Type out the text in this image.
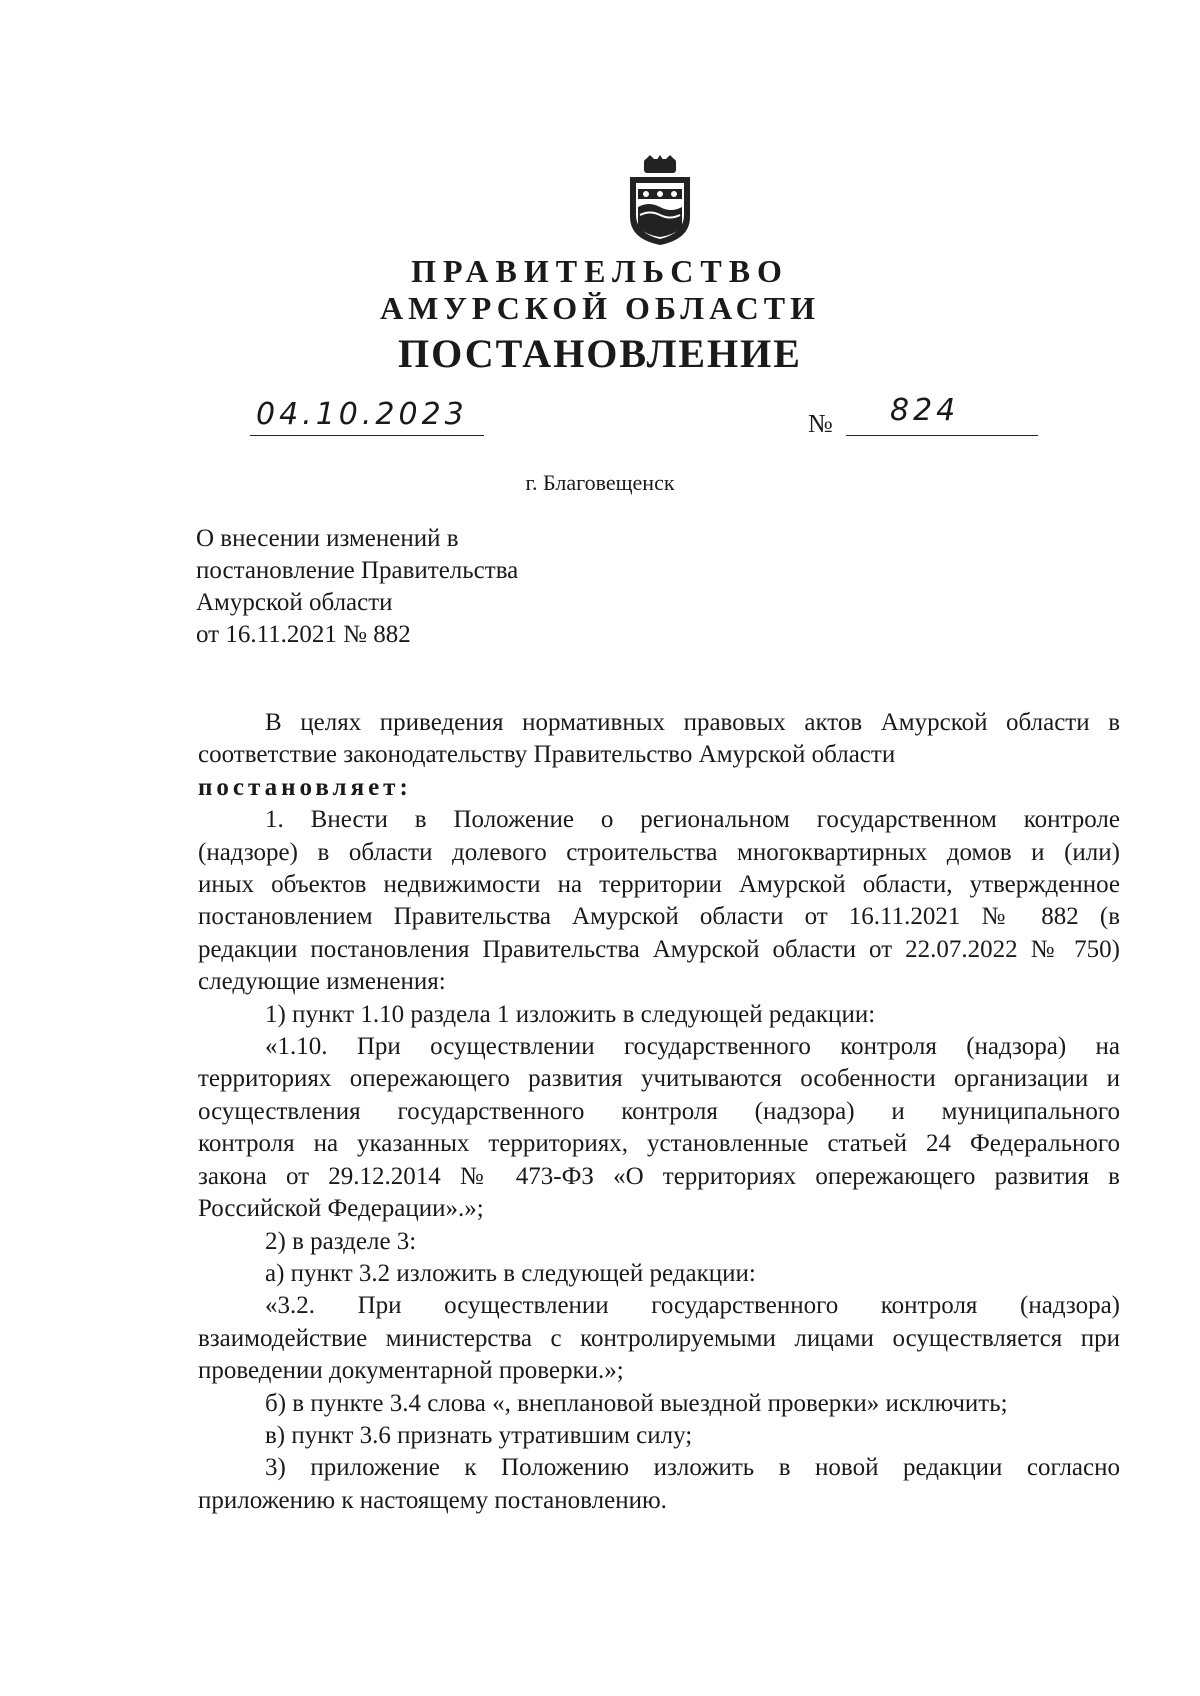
ПРАВИТЕЛЬСТВО
АМУРСКОЙ ОБЛАСТИ
ПОСТАНОВЛЕНИЕ
04.10.2023	№ 824
г. Благовещенск
О внесении изменений в
постановление Правительства
Амурской области
от 16.11.2021 № 882
В целях приведения нормативных правовых актов Амурской области в
соответствие законодательству Правительство Амурской области
постановляет:
1. Внести в Положение о региональном государственном контроле
(надзоре) в области долевого строительства многоквартирных домов и (или)
иных объектов недвижимости на территории Амурской области, утвержденное
постановлением Правительства Амурской области от 16.11.2021 № 882 (в
редакции постановления Правительства Амурской области от 22.07.2022 № 750)
следующие изменения:
1) пункт 1.10 раздела 1 изложить в следующей редакции:
«1.10. При осуществлении государственного контроля (надзора) на
территориях опережающего развития учитываются особенности организации и
осуществления государственного контроля (надзора) и муниципального
контроля на указанных территориях, установленные статьей 24 Федерального
закона от 29.12.2014 № 473-ФЗ «О территориях опережающего развития в
Российской Федерации».»;
2) в разделе 3:
а) пункт 3.2 изложить в следующей редакции:
«3.2. При осуществлении государственного контроля (надзора)
взаимодействие министерства с контролируемыми лицами осуществляется при
проведении документарной проверки.»;
б) в пункте 3.4 слова «, внеплановой выездной проверки» исключить;
в) пункт 3.6 признать утратившим силу;
3) приложение к Положению изложить в новой редакции согласно
приложению к настоящему постановлению.
